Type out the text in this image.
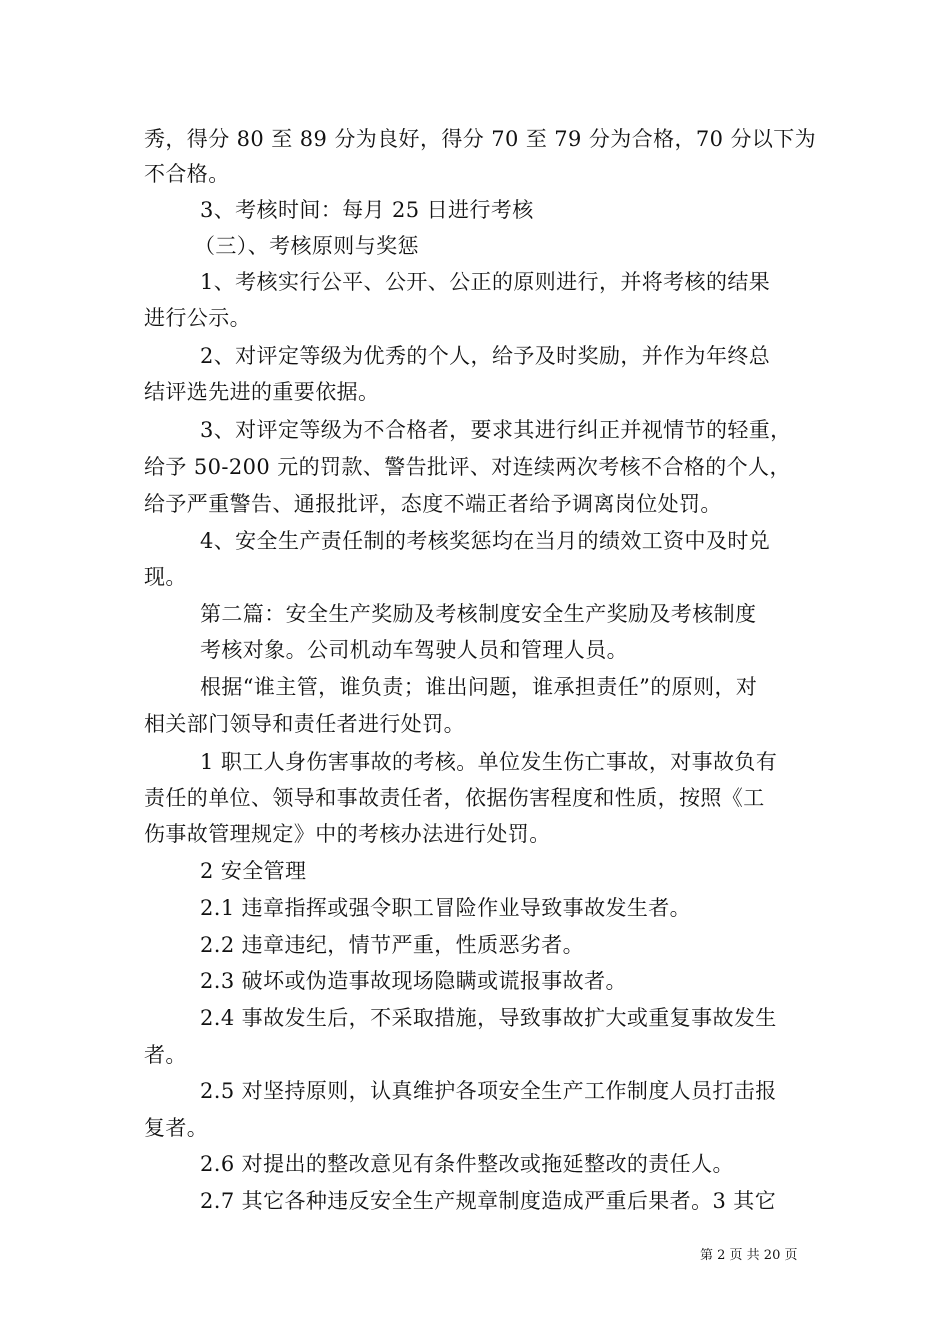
秀，得分 80 至 89 分为良好，得分 70 至 79 分为合格，70 分以下为
不合格。
3、考核时间：每月 25 日进行考核
（三）、考核原则与奖惩
1、考核实行公平、公开、公正的原则进行，并将考核的结果
进行公示。
2、对评定等级为优秀的个人，给予及时奖励，并作为年终总
结评选先进的重要依据。
3、对评定等级为不合格者，要求其进行纠正并视情节的轻重，
给予 50-200 元的罚款、警告批评、对连续两次考核不合格的个人，
给予严重警告、通报批评，态度不端正者给予调离岗位处罚。
4、安全生产责任制的考核奖惩均在当月的绩效工资中及时兑
现。
第二篇：安全生产奖励及考核制度安全生产奖励及考核制度
考核对象。公司机动车驾驶人员和管理人员。
根据“谁主管，谁负责；谁出问题，谁承担责任”的原则，对
相关部门领导和责任者进行处罚。
1 职工人身伤害事故的考核。单位发生伤亡事故，对事故负有
责任的单位、领导和事故责任者，依据伤害程度和性质，按照《工
伤事故管理规定》中的考核办法进行处罚。
2 安全管理
2.1 违章指挥或强令职工冒险作业导致事故发生者。
2.2 违章违纪，情节严重，性质恶劣者。
2.3 破坏或伪造事故现场隐瞒或谎报事故者。
2.4 事故发生后，不采取措施，导致事故扩大或重复事故发生
者。
2.5 对坚持原则，认真维护各项安全生产工作制度人员打击报
复者。
2.6 对提出的整改意见有条件整改或拖延整改的责任人。
2.7 其它各种违反安全生产规章制度造成严重后果者。3 其它
第 2 页 共 20 页
